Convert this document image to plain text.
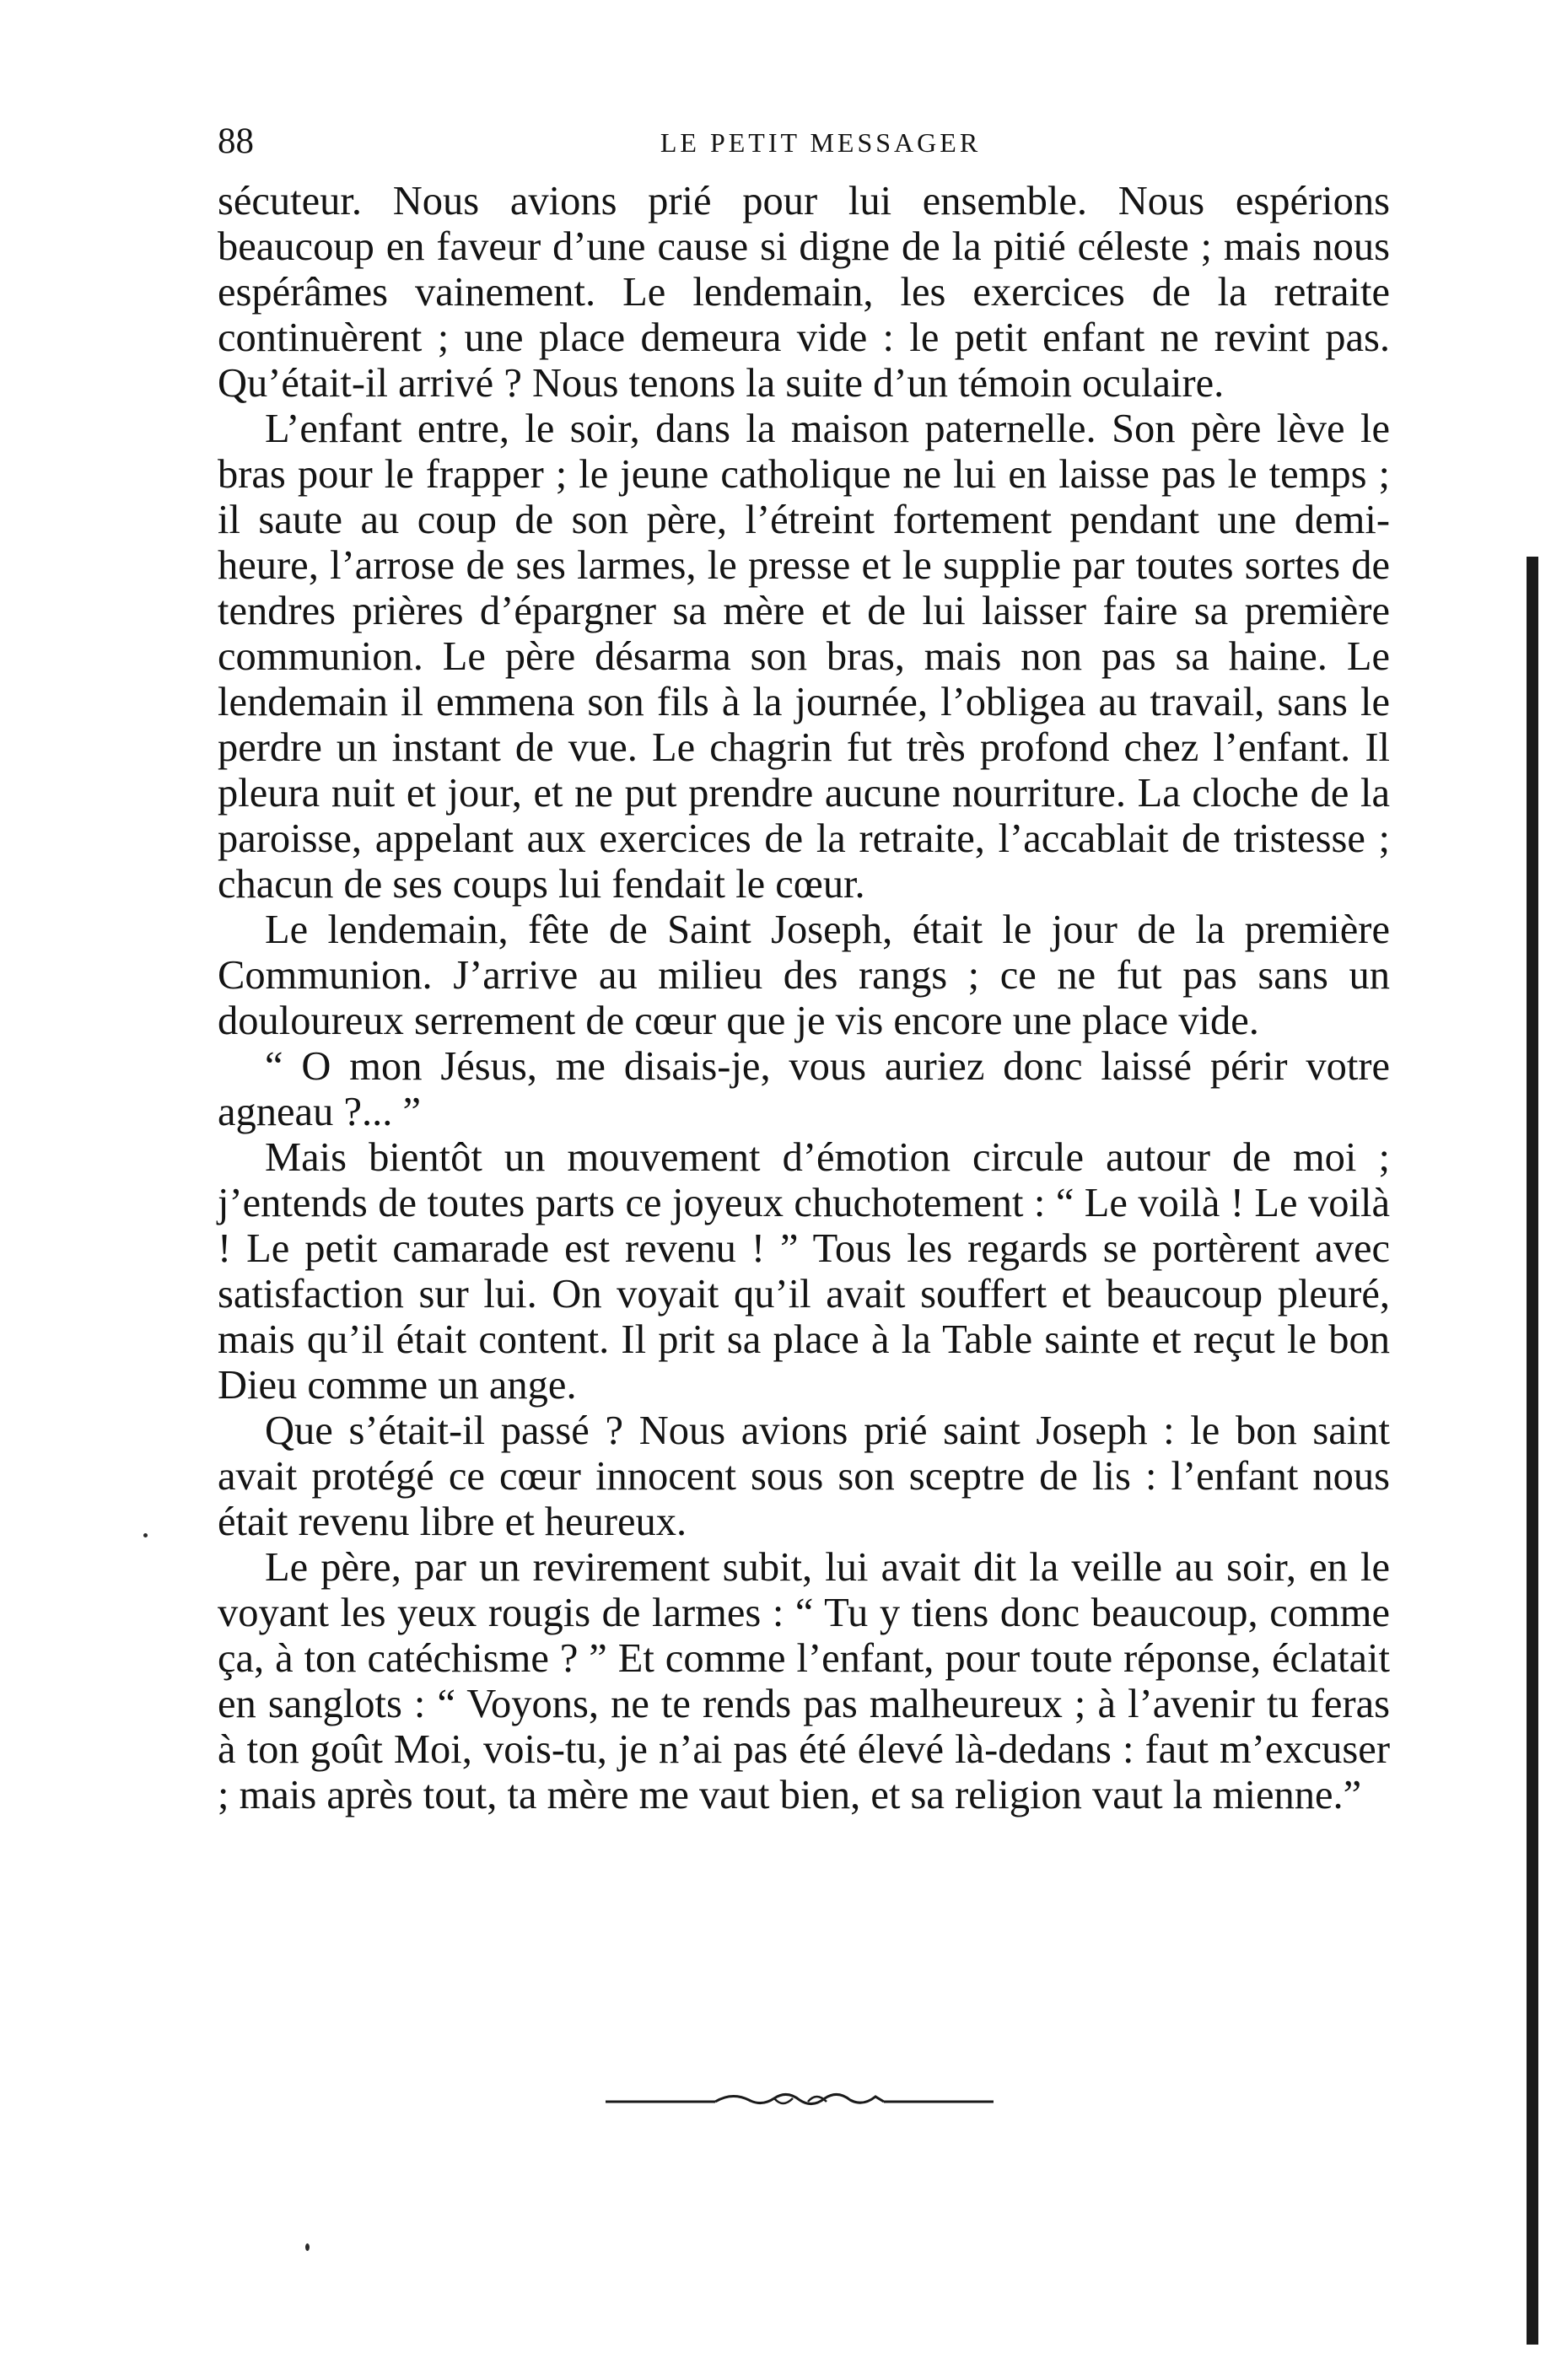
88	LE PETIT MESSAGER

sécuteur. Nous avions prié pour lui ensemble. Nous espérions beaucoup en faveur d’une cause si digne de la pitié céleste ; mais nous espérâmes vainement. Le lendemain, les exercices de la retraite continuèrent ; une place demeura vide : le petit enfant ne revint pas. Qu’était-il arrivé ? Nous tenons la suite d’un témoin oculaire.

L’enfant entre, le soir, dans la maison paternelle. Son père lève le bras pour le frapper ; le jeune catholique ne lui en laisse pas le temps ; il saute au coup de son père, l’étreint fortement pendant une demi-heure, l’arrose de ses larmes, le presse et le supplie par toutes sortes de tendres prières d’épargner sa mère et de lui laisser faire sa première communion. Le père désarma son bras, mais non pas sa haine. Le lendemain il emmena son fils à la journée, l’obligea au travail, sans le perdre un instant de vue. Le chagrin fut très profond chez l’enfant. Il pleura nuit et jour, et ne put prendre aucune nourriture. La cloche de la paroisse, appelant aux exercices de la retraite, l’accablait de tristesse ; chacun de ses coups lui fendait le cœur.

Le lendemain, fête de Saint Joseph, était le jour de la première Communion. J’arrive au milieu des rangs ; ce ne fut pas sans un douloureux serrement de cœur que je vis encore une place vide.

“ O mon Jésus, me disais-je, vous auriez donc laissé périr votre agneau ?... ”

Mais bientôt un mouvement d’émotion circule autour de moi ; j’entends de toutes parts ce joyeux chuchotement : “ Le voilà ! Le voilà ! Le petit camarade est revenu ! ” Tous les regards se portèrent avec satisfaction sur lui. On voyait qu’il avait souffert et beaucoup pleuré, mais qu’il était content. Il prit sa place à la Table sainte et reçut le bon Dieu comme un ange.

Que s’était-il passé ? Nous avions prié saint Joseph : le bon saint avait protégé ce cœur innocent sous son sceptre de lis : l’enfant nous était revenu libre et heureux.

Le père, par un revirement subit, lui avait dit la veille au soir, en le voyant les yeux rougis de larmes : “ Tu y tiens donc beaucoup, comme ça, à ton catéchisme ? ” Et comme l’enfant, pour toute réponse, éclatait en sanglots : “ Voyons, ne te rends pas malheureux ; à l’avenir tu feras à ton goût Moi, vois-tu, je n’ai pas été élevé là-dedans : faut m’excuser ; mais après tout, ta mère me vaut bien, et sa religion vaut la mienne.”
